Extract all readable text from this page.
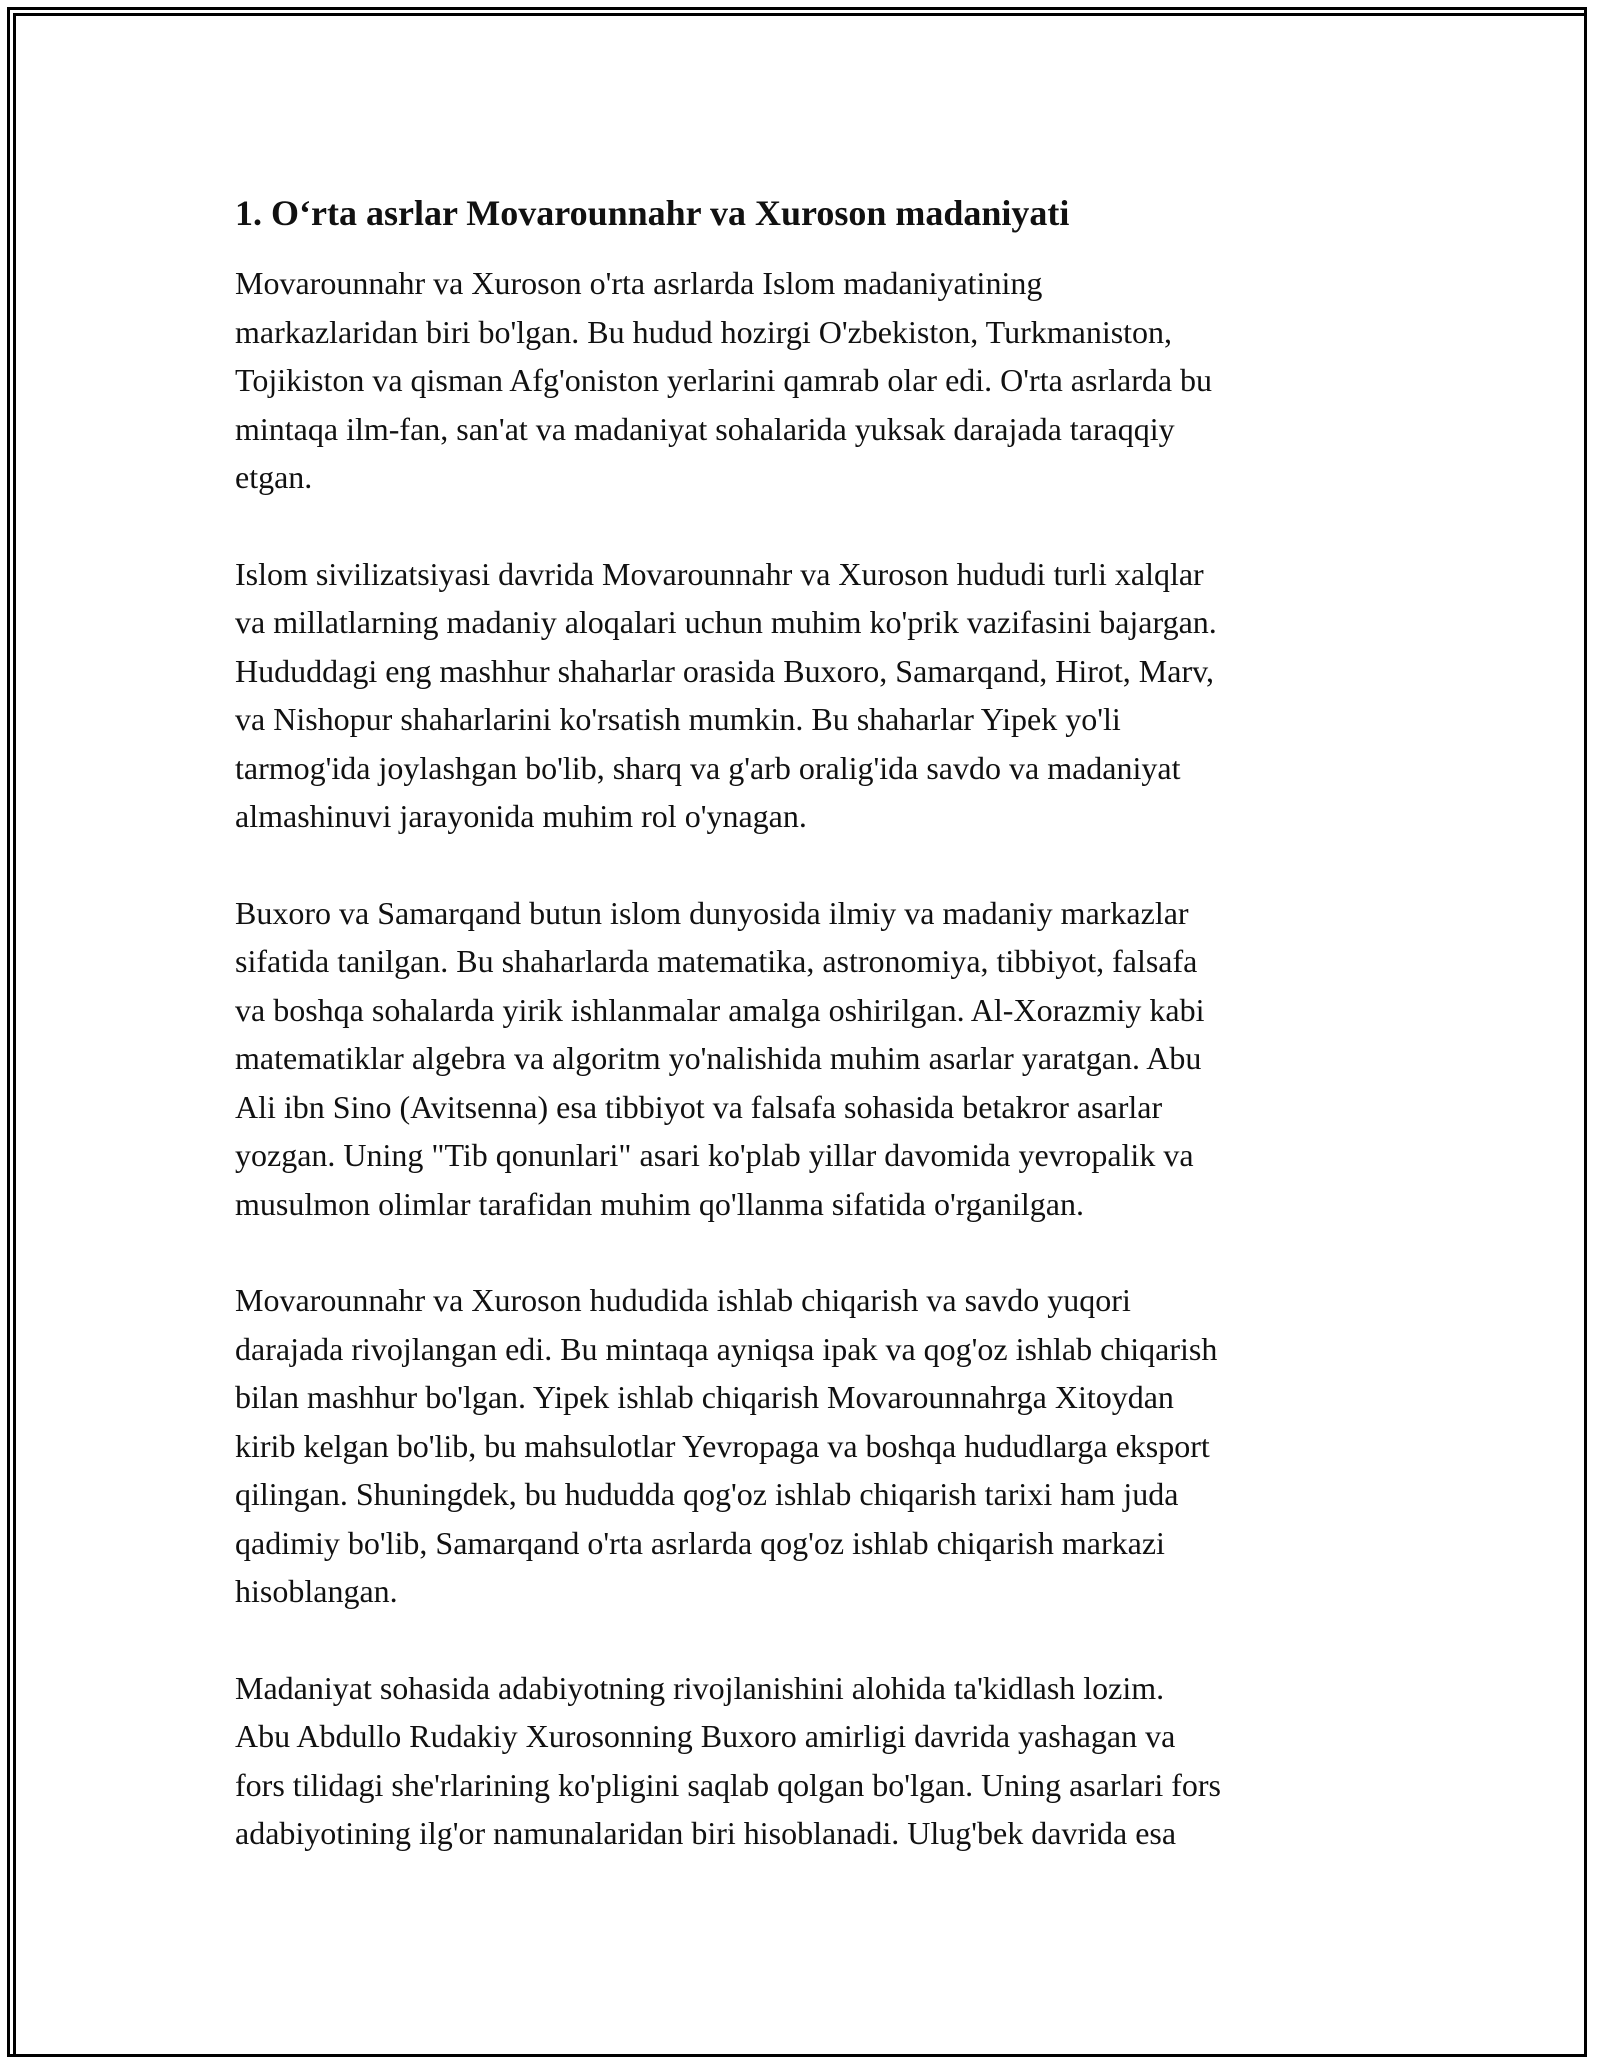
1. O‘rta asrlar Movarounnahr va Xuroson madaniyati
Movarounnahr va Xuroson o'rta asrlarda Islom madaniyatining
markazlaridan biri bo'lgan. Bu hudud hozirgi O'zbekiston, Turkmaniston,
Tojikiston va qisman Afg'oniston yerlarini qamrab olar edi. O'rta asrlarda bu
mintaqa ilm-fan, san'at va madaniyat sohalarida yuksak darajada taraqqiy
etgan.
Islom sivilizatsiyasi davrida Movarounnahr va Xuroson hududi turli xalqlar
va millatlarning madaniy aloqalari uchun muhim ko'prik vazifasini bajargan.
Hududdagi eng mashhur shaharlar orasida Buxoro, Samarqand, Hirot, Marv,
va Nishopur shaharlarini ko'rsatish mumkin. Bu shaharlar Yipek yo'li
tarmog'ida joylashgan bo'lib, sharq va g'arb oralig'ida savdo va madaniyat
almashinuvi jarayonida muhim rol o'ynagan.
Buxoro va Samarqand butun islom dunyosida ilmiy va madaniy markazlar
sifatida tanilgan. Bu shaharlarda matematika, astronomiya, tibbiyot, falsafa
va boshqa sohalarda yirik ishlanmalar amalga oshirilgan. Al-Xorazmiy kabi
matematiklar algebra va algoritm yo'nalishida muhim asarlar yaratgan. Abu
Ali ibn Sino (Avitsenna) esa tibbiyot va falsafa sohasida betakror asarlar
yozgan. Uning "Tib qonunlari" asari ko'plab yillar davomida yevropalik va
musulmon olimlar tarafidan muhim qo'llanma sifatida o'rganilgan.
Movarounnahr va Xuroson hududida ishlab chiqarish va savdo yuqori
darajada rivojlangan edi. Bu mintaqa ayniqsa ipak va qog'oz ishlab chiqarish
bilan mashhur bo'lgan. Yipek ishlab chiqarish Movarounnahrga Xitoydan
kirib kelgan bo'lib, bu mahsulotlar Yevropaga va boshqa hududlarga eksport
qilingan. Shuningdek, bu hududda qog'oz ishlab chiqarish tarixi ham juda
qadimiy bo'lib, Samarqand o'rta asrlarda qog'oz ishlab chiqarish markazi
hisoblangan.
Madaniyat sohasida adabiyotning rivojlanishini alohida ta'kidlash lozim.
Abu Abdullo Rudakiy Xurosonning Buxoro amirligi davrida yashagan va
fors tilidagi she'rlarining ko'pligini saqlab qolgan bo'lgan. Uning asarlari fors
adabiyotining ilg'or namunalaridan biri hisoblanadi. Ulug'bek davrida esa
